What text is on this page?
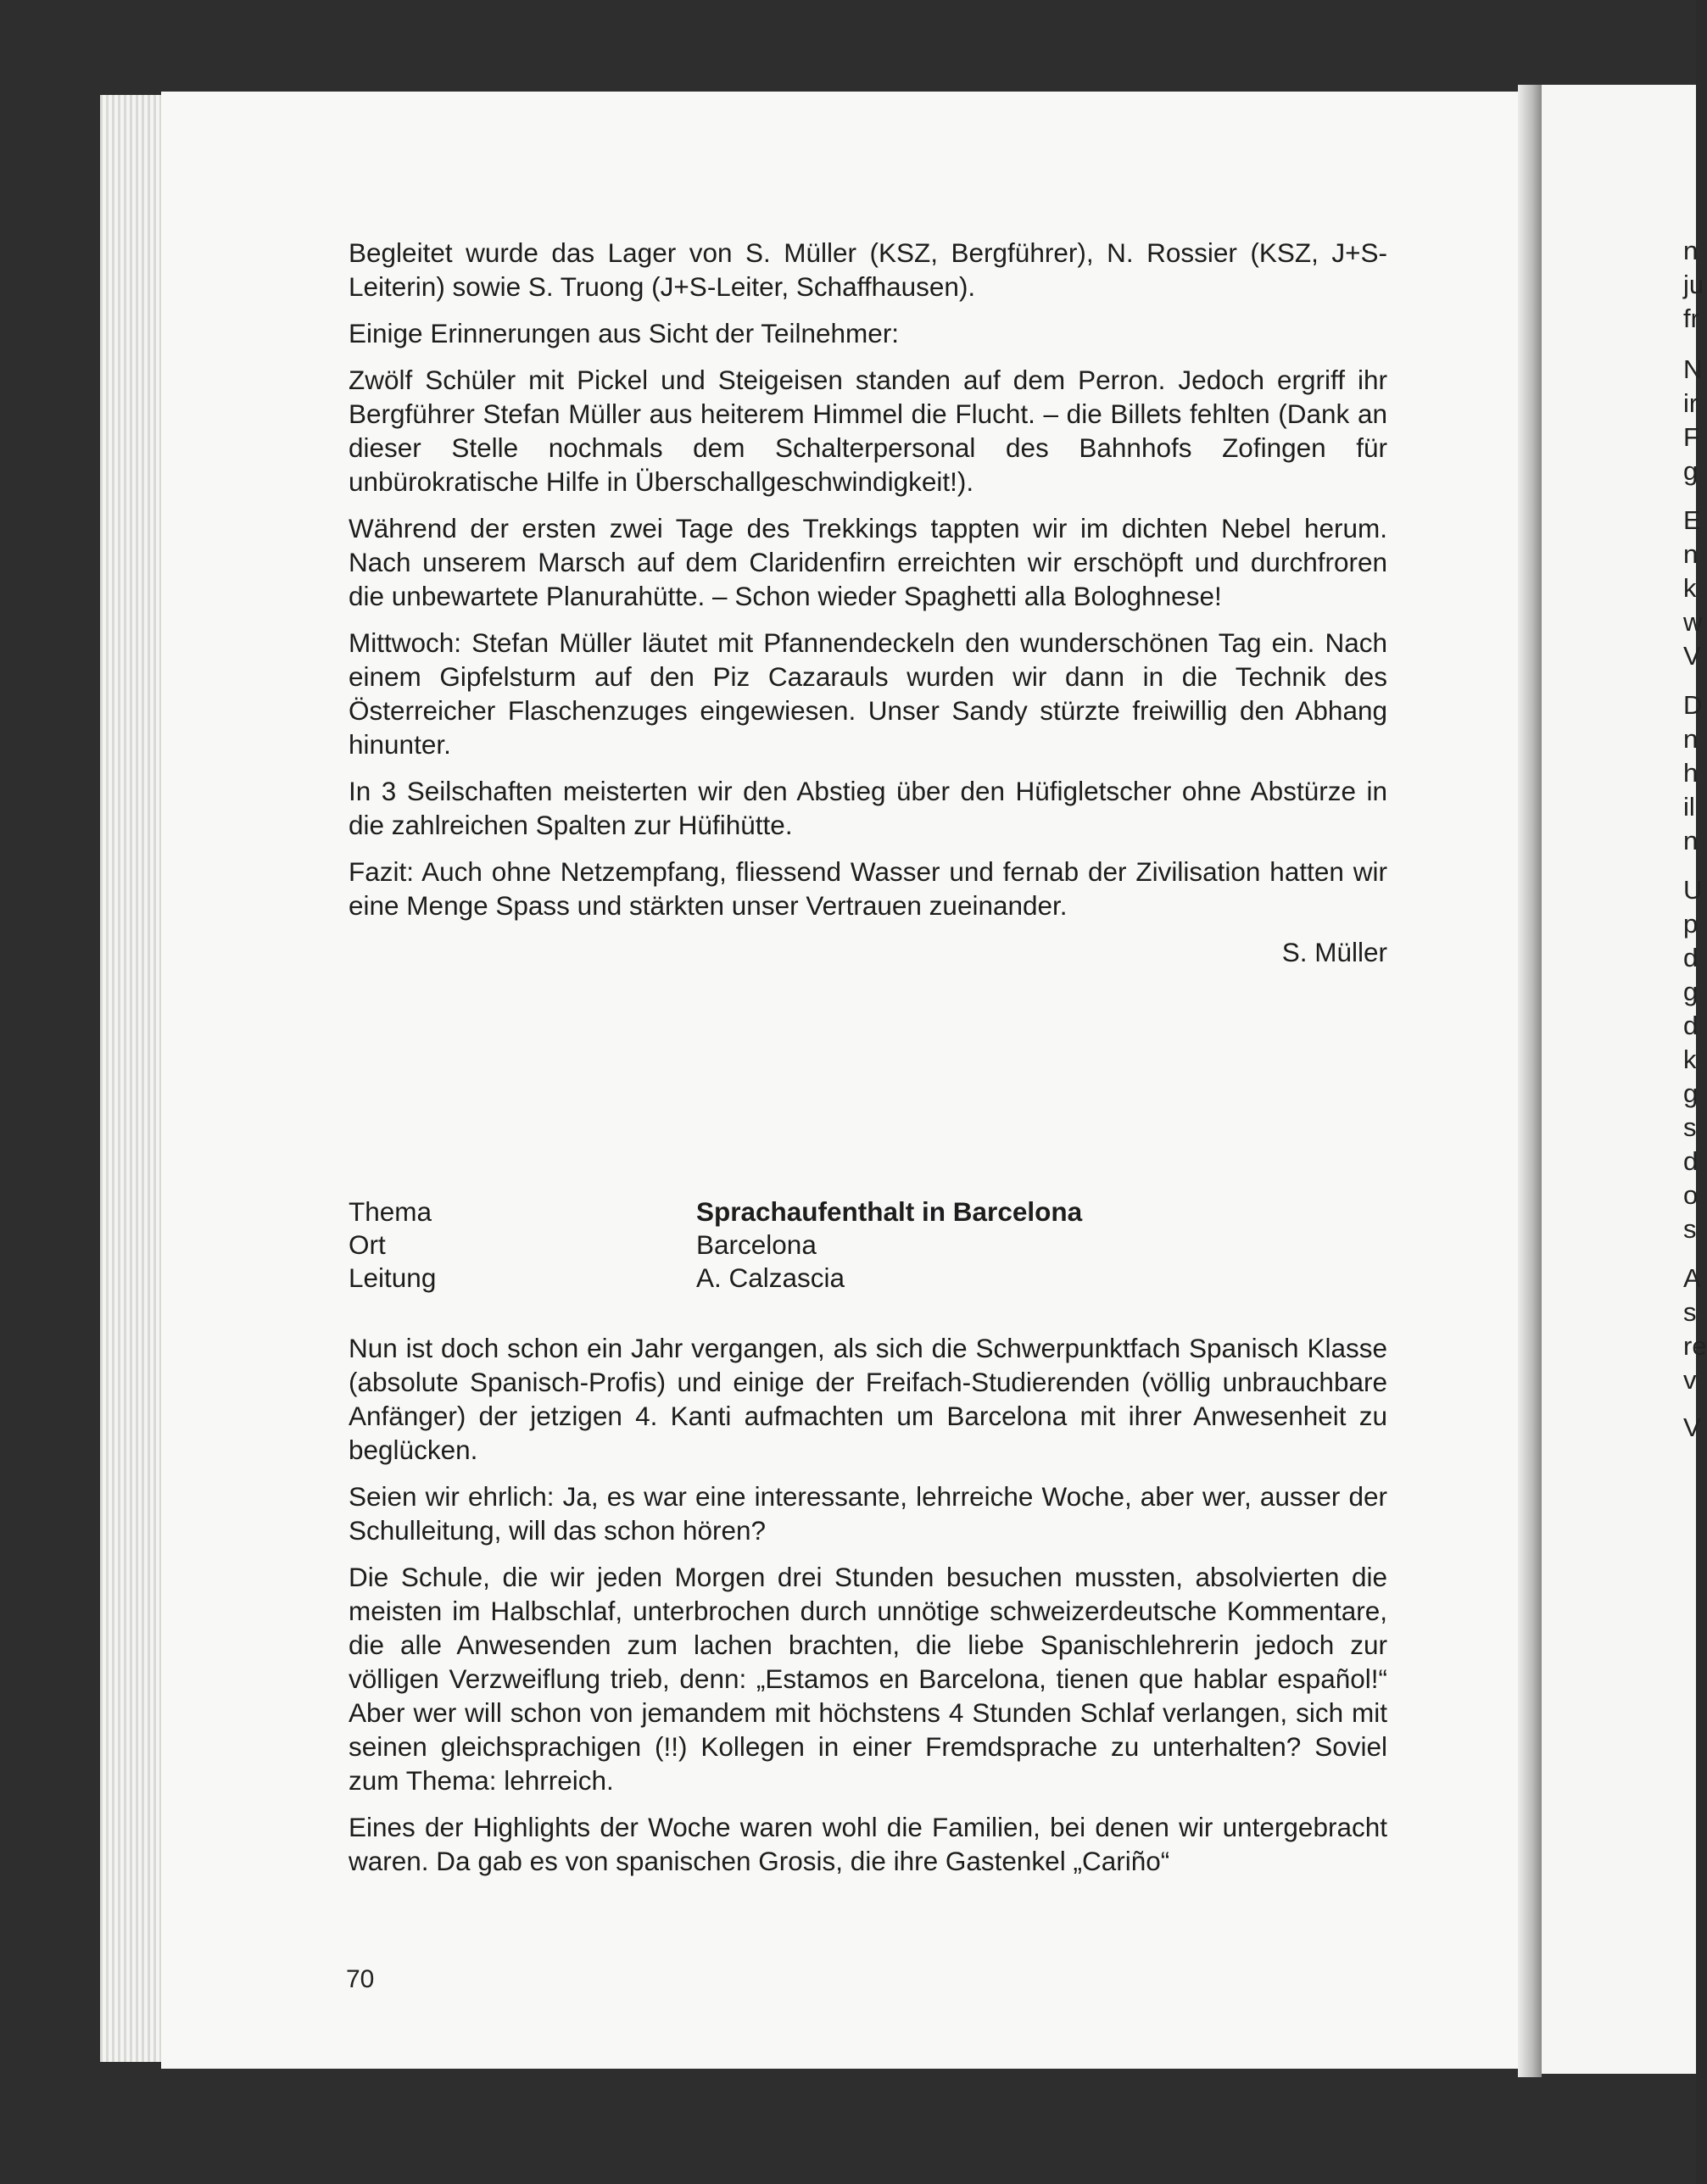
n
ju
fr
N
ir
F
g
E
n
k
w
V
D
n
h
il
n
U
p
d
g
d
k
g
s
d
o
s
A
s
re
v
V

Begleitet wurde das Lager von S. Müller (KSZ, Bergführer), N. Rossier (KSZ, J+S-Leiterin) sowie S. Truong (J+S-Leiter, Schaffhausen).

Einige Erinnerungen aus Sicht der Teilnehmer:

Zwölf Schüler mit Pickel und Steigeisen standen auf dem Perron. Jedoch ergriff ihr Bergführer Stefan Müller aus heiterem Himmel die Flucht. – die Billets fehlten (Dank an dieser Stelle nochmals dem Schalterpersonal des Bahnhofs Zofingen für unbürokratische Hilfe in Überschallgeschwindigkeit!).

Während der ersten zwei Tage des Trekkings tappten wir im dichten Nebel herum. Nach unserem Marsch auf dem Claridenfirn erreichten wir erschöpft und durchfroren die unbewartete Planurahütte. – Schon wieder Spaghetti alla Bologhnese!

Mittwoch: Stefan Müller läutet mit Pfannendeckeln den wunderschönen Tag ein. Nach einem Gipfelsturm auf den Piz Cazarauls wurden wir dann in die Technik des Österreicher Flaschenzuges eingewiesen. Unser Sandy stürzte freiwillig den Abhang hinunter.

In 3 Seilschaften meisterten wir den Abstieg über den Hüfigletscher ohne Abstürze in die zahlreichen Spalten zur Hüfihütte.

Fazit: Auch ohne Netzempfang, fliessend Wasser und fernab der Zivilisation hatten wir eine Menge Spass und stärkten unser Vertrauen zueinander.

S. Müller

Thema	Sprachaufenthalt in Barcelona
Ort	Barcelona
Leitung	A. Calzascia

Nun ist doch schon ein Jahr vergangen, als sich die Schwerpunktfach Spanisch Klasse (absolute Spanisch-Profis) und einige der Freifach-Studierenden (völlig unbrauchbare Anfänger) der jetzigen 4. Kanti aufmachten um Barcelona mit ihrer Anwesenheit zu beglücken.

Seien wir ehrlich: Ja, es war eine interessante, lehrreiche Woche, aber wer, ausser der Schulleitung, will das schon hören?

Die Schule, die wir jeden Morgen drei Stunden besuchen mussten, absolvierten die meisten im Halbschlaf, unterbrochen durch unnötige schweizerdeutsche Kommentare, die alle Anwesenden zum lachen brachten, die liebe Spanischlehrerin jedoch zur völligen Verzweiflung trieb, denn: „Estamos en Barcelona, tienen que hablar español!“ Aber wer will schon von jemandem mit höchstens 4 Stunden Schlaf verlangen, sich mit seinen gleichsprachigen (!!) Kollegen in einer Fremdsprache zu unterhalten? Soviel zum Thema: lehrreich.

Eines der Highlights der Woche waren wohl die Familien, bei denen wir untergebracht waren. Da gab es von spanischen Grosis, die ihre Gastenkel „Cariño“

70
